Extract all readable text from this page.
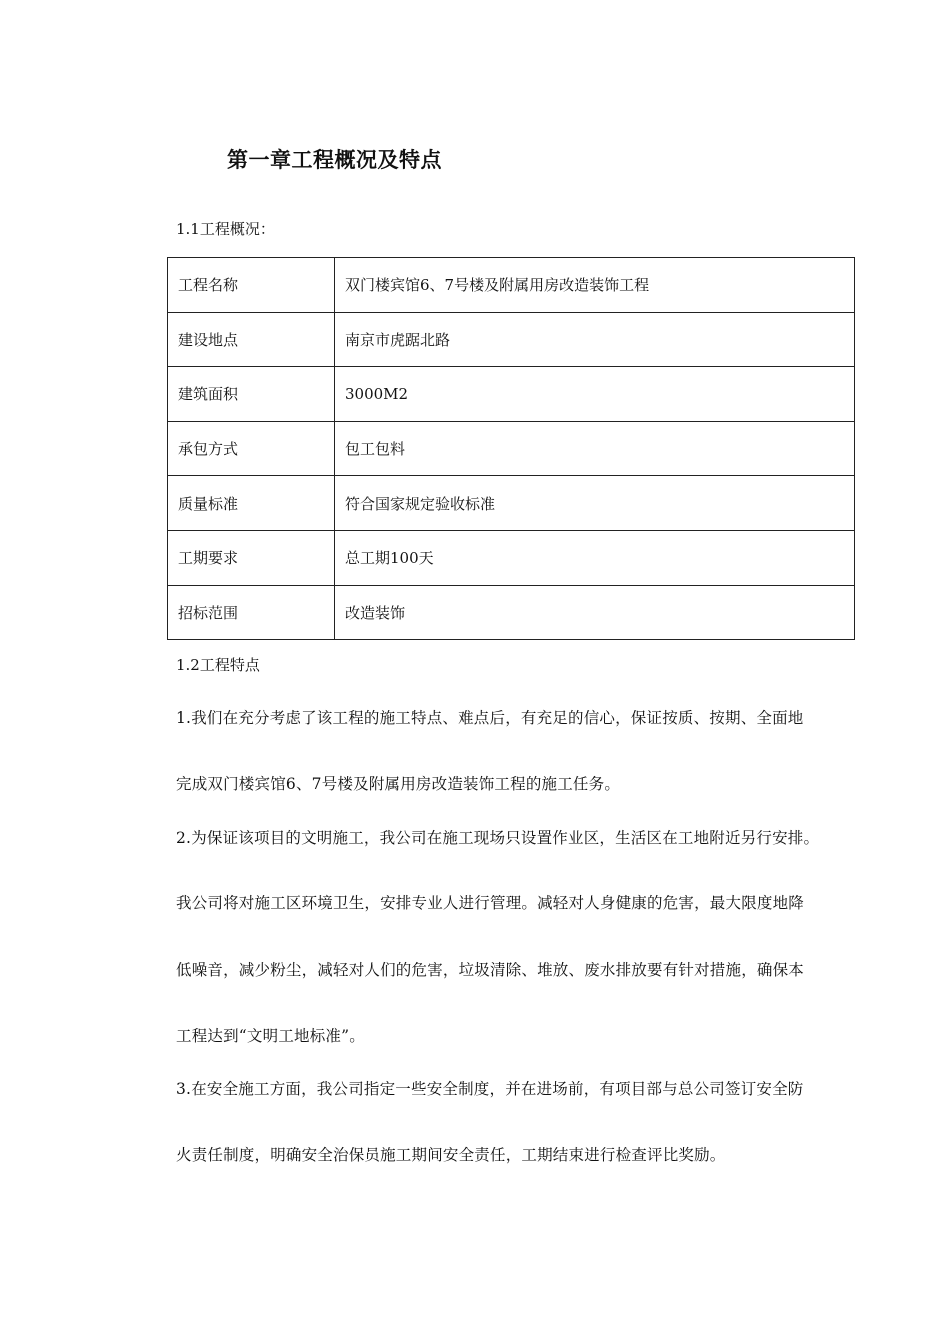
第一章工程概况及特点
1.1工程概况：
工程名称	双门楼宾馆6、7号楼及附属用房改造装饰工程
建设地点	南京市虎踞北路
建筑面积	3000M2
承包方式	包工包料
质量标准	符合国家规定验收标准
工期要求	总工期100天
招标范围	改造装饰
1.2工程特点
1.我们在充分考虑了该工程的施工特点、难点后，有充足的信心，保证按质、按期、全面地
完成双门楼宾馆6、7号楼及附属用房改造装饰工程的施工任务。
2.为保证该项目的文明施工，我公司在施工现场只设置作业区，生活区在工地附近另行安排。
我公司将对施工区环境卫生，安排专业人进行管理。减轻对人身健康的危害，最大限度地降
低噪音，减少粉尘，减轻对人们的危害，垃圾清除、堆放、废水排放要有针对措施，确保本
工程达到“文明工地标准”。
3.在安全施工方面，我公司指定一些安全制度，并在进场前，有项目部与总公司签订安全防
火责任制度，明确安全治保员施工期间安全责任，工期结束进行检查评比奖励。
